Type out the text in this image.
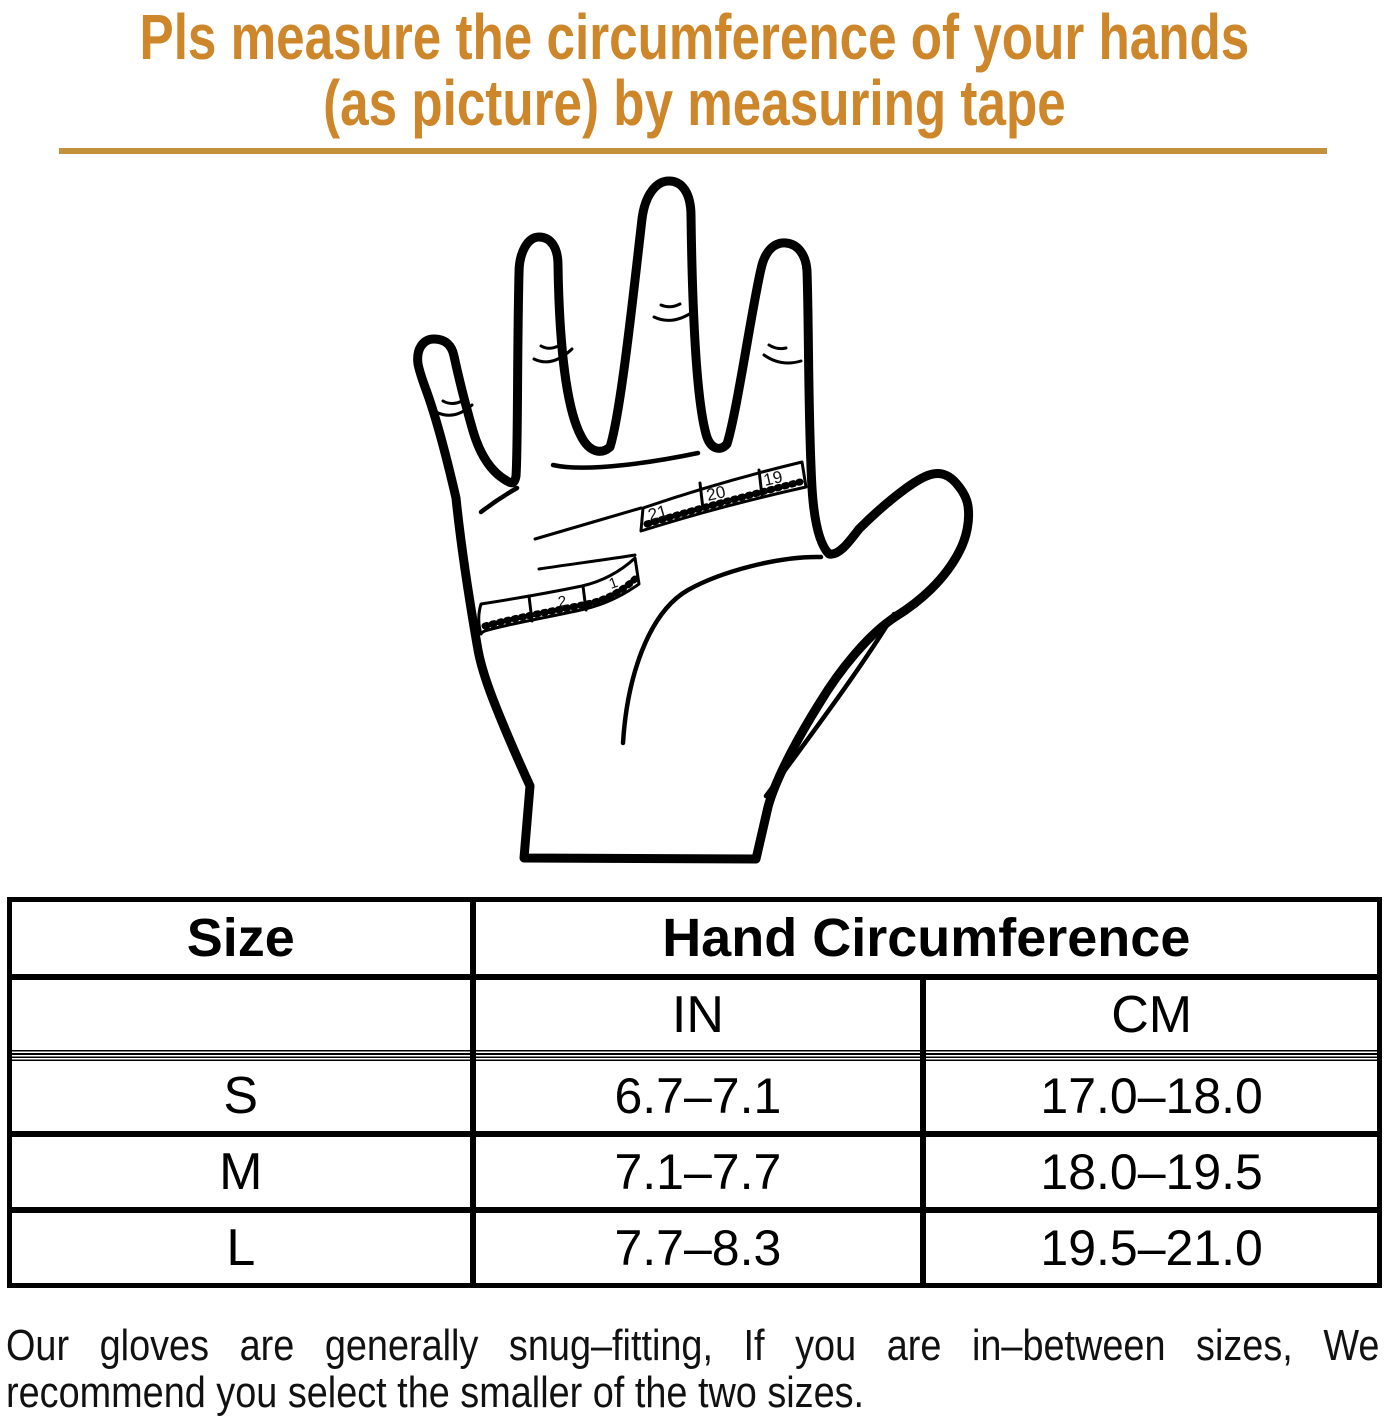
Pls measure the circumference of your hands
(as picture) by measuring tape
21
20
19
2
1
Size	Hand Circumference	
	IN	CM

S	6.7–7.1	17.0–18.0
M	7.1–7.7	18.0–19.5
L	7.7–8.3	19.5–21.0
Our gloves are generally snug–fitting, If you are in–between sizes, We
recommend you select the smaller of the two sizes.
